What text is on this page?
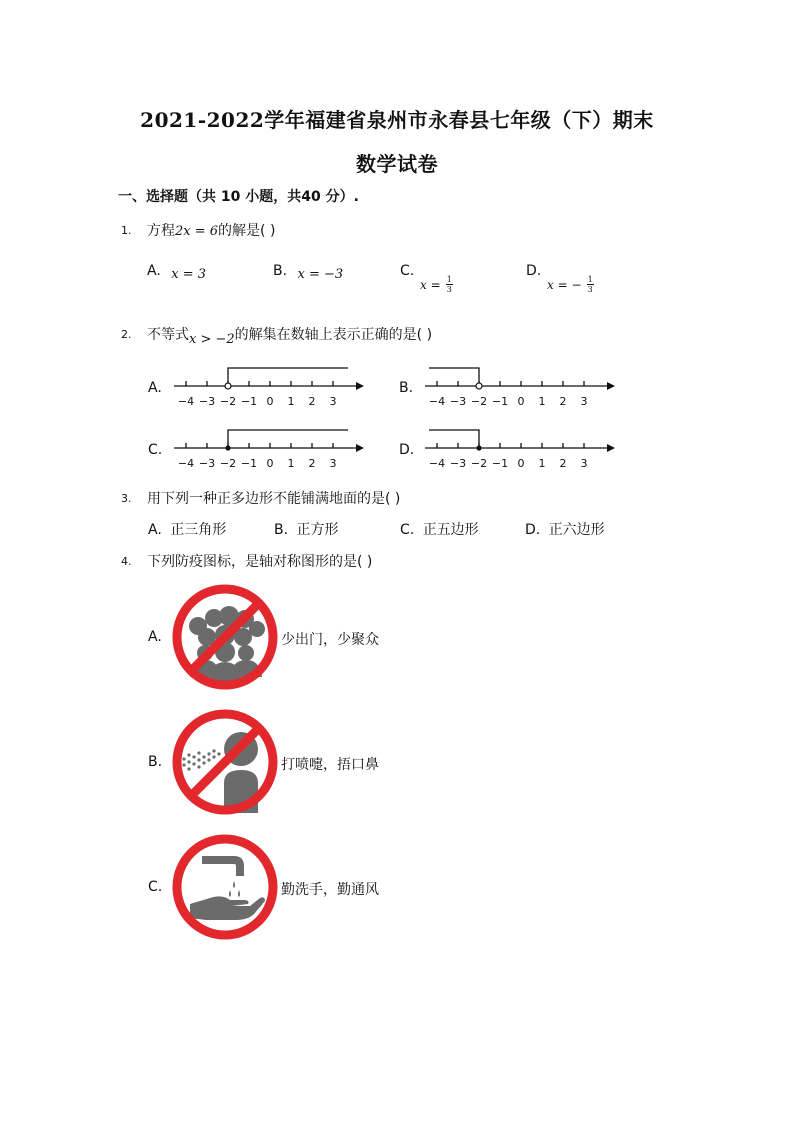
2021-2022学年福建省泉州市永春县七年级（下）期末
数学试卷
一、选择题（共 10 小题，共40 分）.
1. 方程2x = 6的解是( )
A. x = 3	B. x = −3	C.
$x = \frac{1}{3}$
D.
x = − $\frac{1}{3}$
2. 不等式x > −2的解集在数轴上表示正确的是( )
A.	B.
C.	D.
−4 −3 −2 −1 0 1 2 3	−4 −3 −2 −1 0 1 2 3
−4 −3 −2 −1 0 1 2 3	−4 −3 −2 −1 0 1 2 3
3. 用下列一种正多边形不能铺满地面的是( )
A. 正三角形	B. 正方形	C. 正五边形	D. 正六边形
4. 下列防疫图标，是轴对称图形的是( )
A.	少出门，少聚众
B.	打喷嚏，捂口鼻
C.	勤洗手，勤通风
